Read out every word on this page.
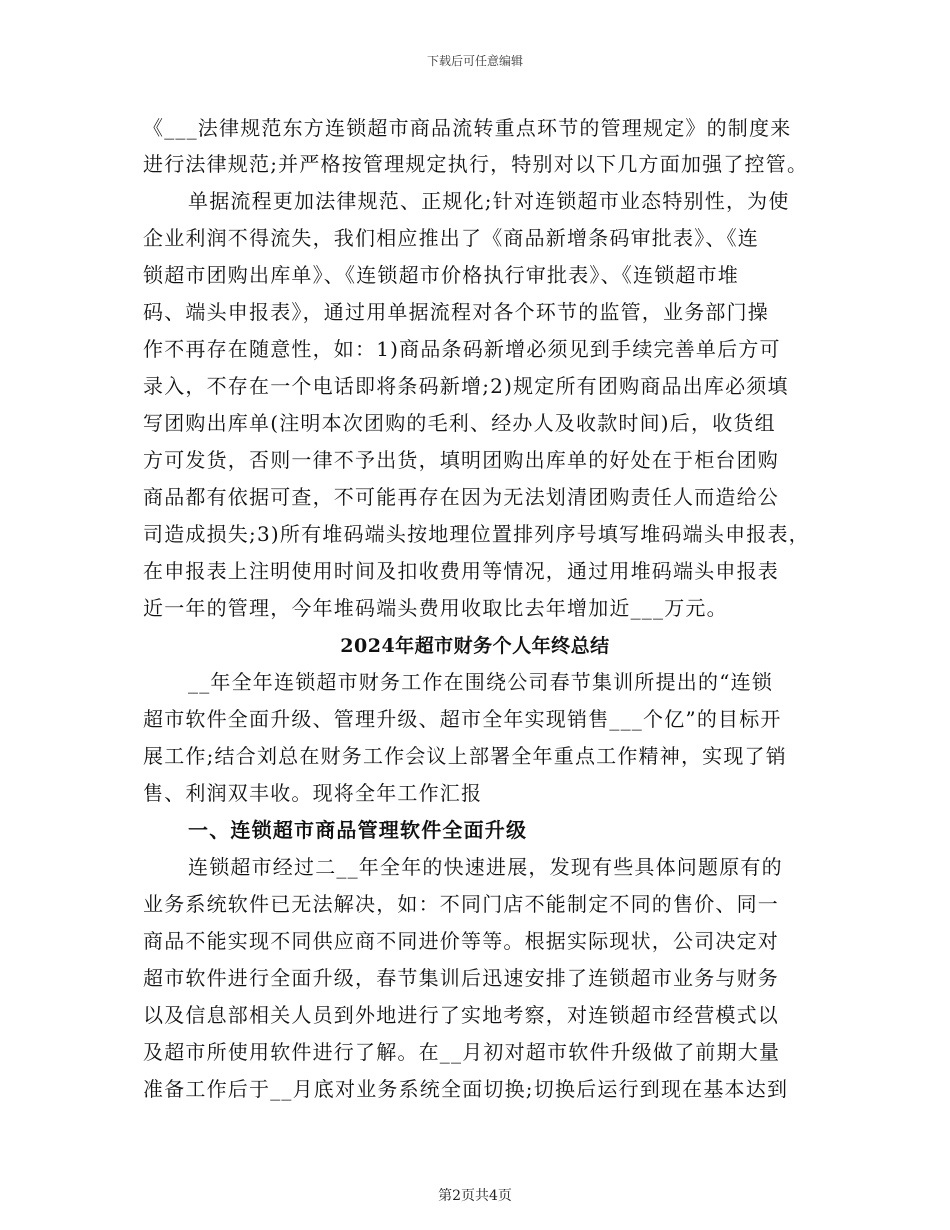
下载后可任意编辑
《___法律规范东方连锁超市商品流转重点环节的管理规定》的制度来
进行法律规范;并严格按管理规定执行，特别对以下几方面加强了控管。
单据流程更加法律规范、正规化;针对连锁超市业态特别性，为使
企业利润不得流失，我们相应推出了《商品新增条码审批表》、《连
锁超市团购出库单》、《连锁超市价格执行审批表》、《连锁超市堆
码、端头申报表》，通过用单据流程对各个环节的监管，业务部门操
作不再存在随意性，如：1)商品条码新增必须见到手续完善单后方可
录入，不存在一个电话即将条码新增;2)规定所有团购商品出库必须填
写团购出库单(注明本次团购的毛利、经办人及收款时间)后，收货组
方可发货，否则一律不予出货，填明团购出库单的好处在于柜台团购
商品都有依据可查，不可能再存在因为无法划清团购责任人而造给公
司造成损失;3)所有堆码端头按地理位置排列序号填写堆码端头申报表，
在申报表上注明使用时间及扣收费用等情况，通过用堆码端头申报表
近一年的管理，今年堆码端头费用收取比去年增加近___万元。
2024年超市财务个人年终总结
__年全年连锁超市财务工作在围绕公司春节集训所提出的“连锁
超市软件全面升级、管理升级、超市全年实现销售___个亿”的目标开
展工作;结合刘总在财务工作会议上部署全年重点工作精神，实现了销
售、利润双丰收。现将全年工作汇报
一、连锁超市商品管理软件全面升级
连锁超市经过二__年全年的快速进展，发现有些具体问题原有的
业务系统软件已无法解决，如：不同门店不能制定不同的售价、同一
商品不能实现不同供应商不同进价等等。根据实际现状，公司决定对
超市软件进行全面升级，春节集训后迅速安排了连锁超市业务与财务
以及信息部相关人员到外地进行了实地考察，对连锁超市经营模式以
及超市所使用软件进行了解。在__月初对超市软件升级做了前期大量
准备工作后于__月底对业务系统全面切换;切换后运行到现在基本达到
第2页共4页
